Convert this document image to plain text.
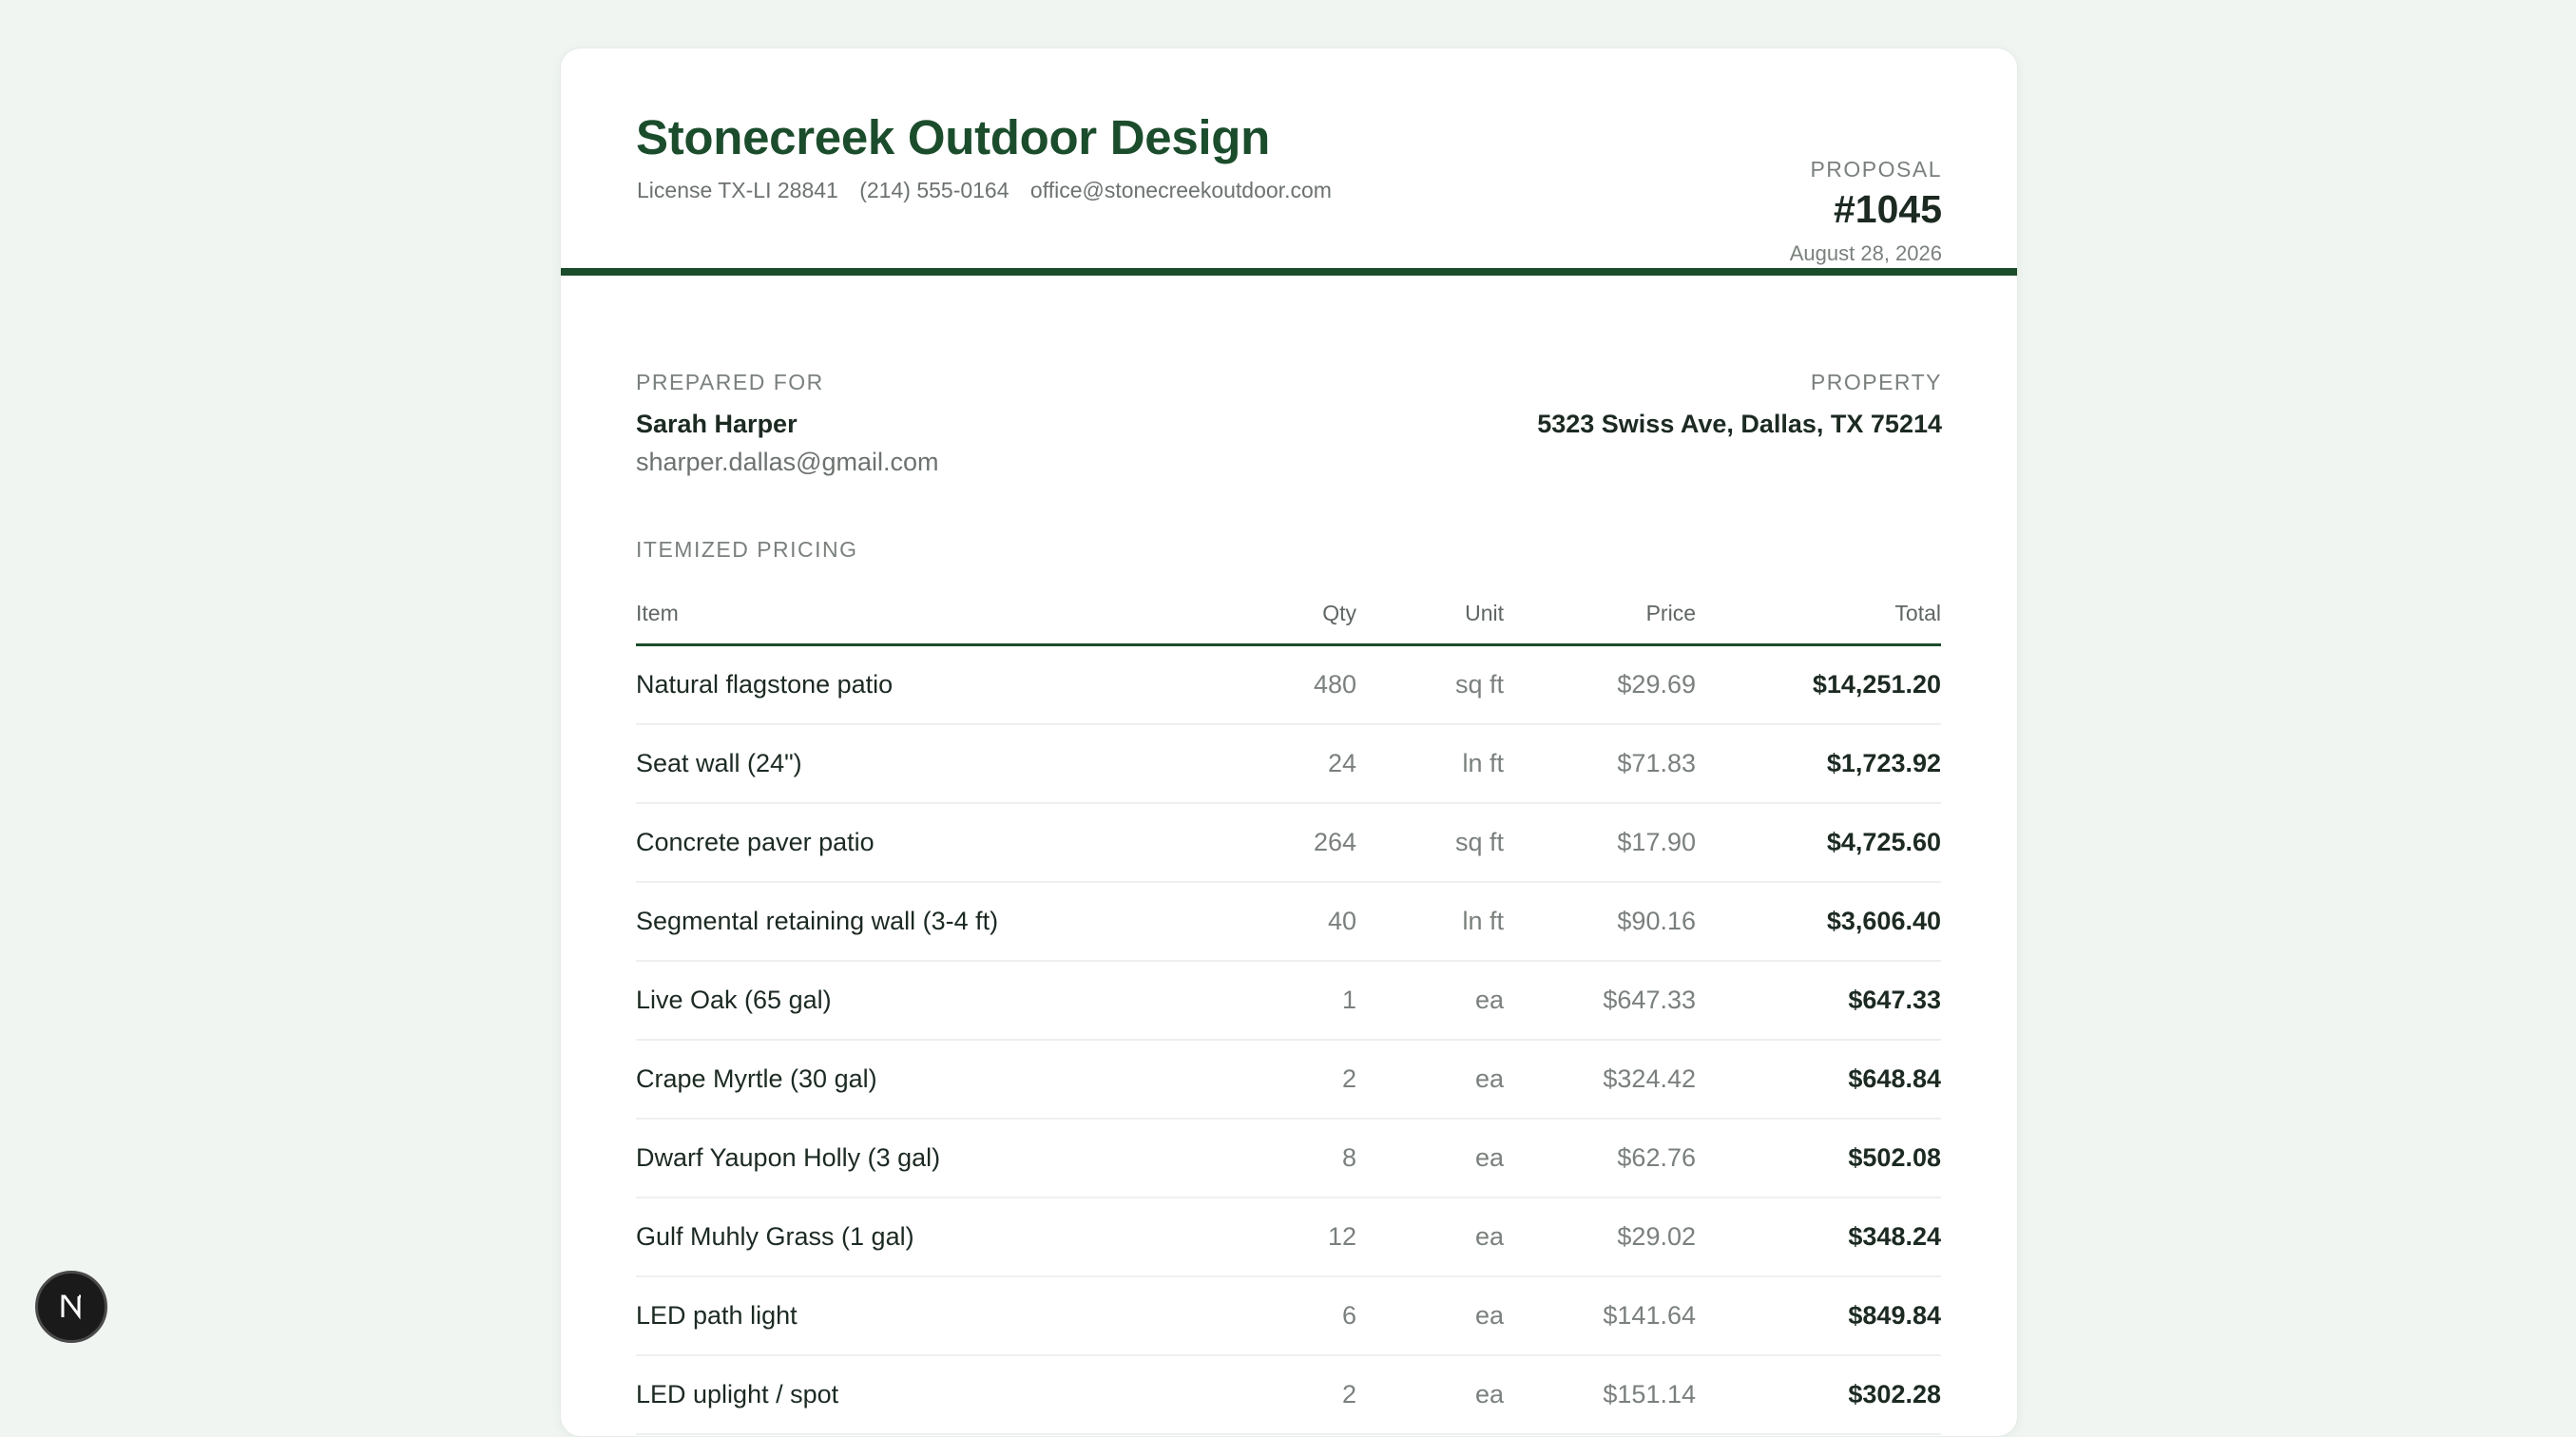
Stonecreek Outdoor Design
License TX-LI 28841 (214) 555-0164 office@stonecreekoutdoor.com
PROPOSAL
#1045
August 28, 2026
PREPARED FOR
Sarah Harper
sharper.dallas@gmail.com
PROPERTY
5323 Swiss Ave, Dallas, TX 75214
ITEMIZED PRICING
Item	Qty	Unit	Price	Total
Natural flagstone patio	480	sq ft	$29.69	$14,251.20
Seat wall (24")	24	ln ft	$71.83	$1,723.92
Concrete paver patio	264	sq ft	$17.90	$4,725.60
Segmental retaining wall (3-4 ft)	40	ln ft	$90.16	$3,606.40
Live Oak (65 gal)	1	ea	$647.33	$647.33
Crape Myrtle (30 gal)	2	ea	$324.42	$648.84
Dwarf Yaupon Holly (3 gal)	8	ea	$62.76	$502.08
Gulf Muhly Grass (1 gal)	12	ea	$29.02	$348.24
LED path light	6	ea	$141.64	$849.84
LED uplight / spot	2	ea	$151.14	$302.28
